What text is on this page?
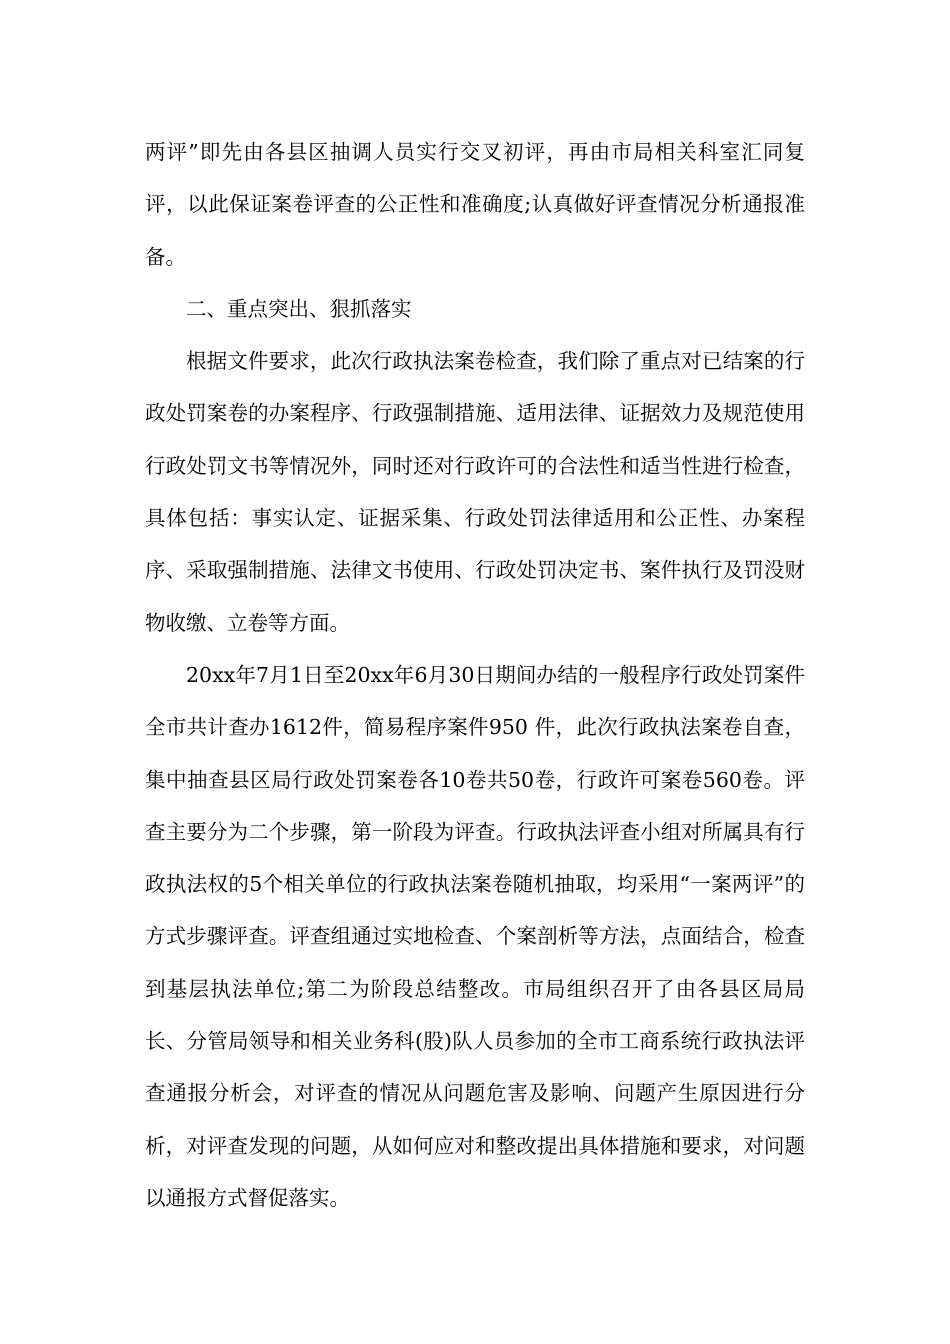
两评”即先由各县区抽调人员实行交叉初评，再由市局相关科室汇同复评，以此保证案卷评查的公正性和准确度;认真做好评查情况分析通报准备。

二、重点突出、狠抓落实

根据文件要求，此次行政执法案卷检查，我们除了重点对已结案的行政处罚案卷的办案程序、行政强制措施、适用法律、证据效力及规范使用行政处罚文书等情况外，同时还对行政许可的合法性和适当性进行检查，具体包括：事实认定、证据采集、行政处罚法律适用和公正性、办案程序、采取强制措施、法律文书使用、行政处罚决定书、案件执行及罚没财物收缴、立卷等方面。

20xx年7月1日至20xx年6月30日期间办结的一般程序行政处罚案件全市共计查办1612件，简易程序案件950 件，此次行政执法案卷自查，集中抽查县区局行政处罚案卷各10卷共50卷，行政许可案卷560卷。评查主要分为二个步骤，第一阶段为评查。行政执法评查小组对所属具有行政执法权的5个相关单位的行政执法案卷随机抽取，均采用“一案两评”的方式步骤评查。评查组通过实地检查、个案剖析等方法，点面结合，检查到基层执法单位;第二为阶段总结整改。市局组织召开了由各县区局局长、分管局领导和相关业务科(股)队人员参加的全市工商系统行政执法评查通报分析会，对评查的情况从问题危害及影响、问题产生原因进行分析，对评查发现的问题，从如何应对和整改提出具体措施和要求，对问题以通报方式督促落实。
